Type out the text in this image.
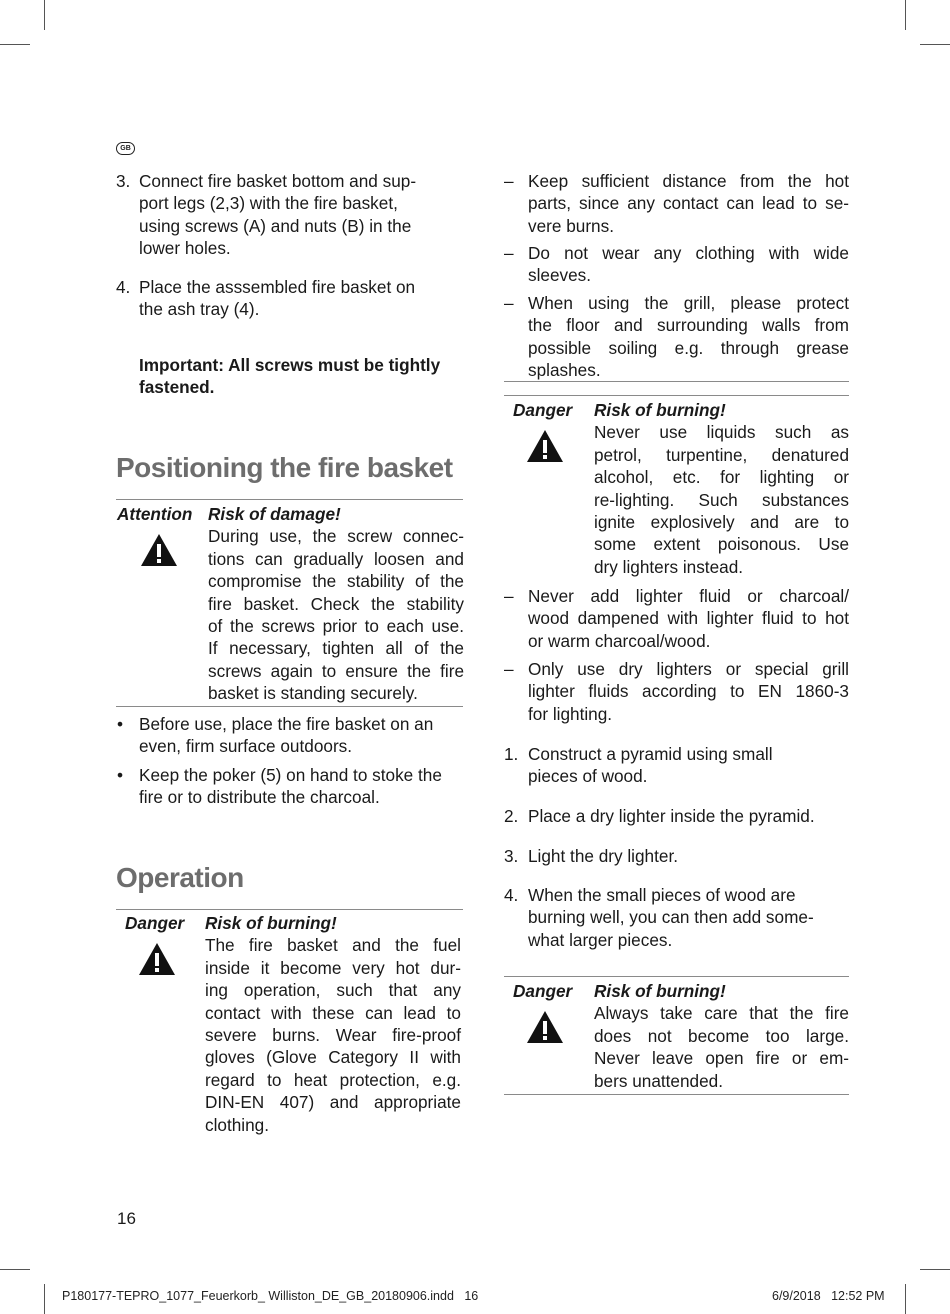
GB
3. Connect fire basket bottom and sup-
port legs (2,3) with the fire basket,
using screws (A) and nuts (B) in the
lower holes.
4. Place the asssembled fire basket on
the ash tray (4).
Important: All screws must be tightly
fastened.
Positioning the fire basket
Attention Risk of damage!
During use, the screw connec-
tions can gradually loosen and
compromise the stability of the
fire basket. Check the stability
of the screws prior to each use.
If necessary, tighten all of the
screws again to ensure the fire
basket is standing securely.
• Before use, place the fire basket on an
even, firm surface outdoors.
• Keep the poker (5) on hand to stoke the
fire or to distribute the charcoal.
Operation
Danger Risk of burning!
The fire basket and the fuel
inside it become very hot dur-
ing operation, such that any
contact with these can lead to
severe burns. Wear fire-proof
gloves (Glove Category II with
regard to heat protection, e.g.
DIN-EN 407) and appropriate
clothing.
– Keep sufficient distance from the hot
parts, since any contact can lead to se-
vere burns.
– Do not wear any clothing with wide
sleeves.
– When using the grill, please protect
the floor and surrounding walls from
possible soiling e.g. through grease
splashes.
Danger Risk of burning!
Never use liquids such as
petrol, turpentine, denatured
alcohol, etc. for lighting or
re-lighting. Such substances
ignite explosively and are to
some extent poisonous. Use
dry lighters instead.
– Never add lighter fluid or charcoal/
wood dampened with lighter fluid to hot
or warm charcoal/wood.
– Only use dry lighters or special grill
lighter fluids according to EN 1860-3
for lighting.
1. Construct a pyramid using small
pieces of wood.
2. Place a dry lighter inside the pyramid.
3. Light the dry lighter.
4. When the small pieces of wood are
burning well, you can then add some-
what larger pieces.
Danger Risk of burning!
Always take care that the fire
does not become too large.
Never leave open fire or em-
bers unattended.
16
P180177-TEPRO_1077_Feuerkorb_ Williston_DE_GB_20180906.indd   16	6/9/2018   12:52 PM
